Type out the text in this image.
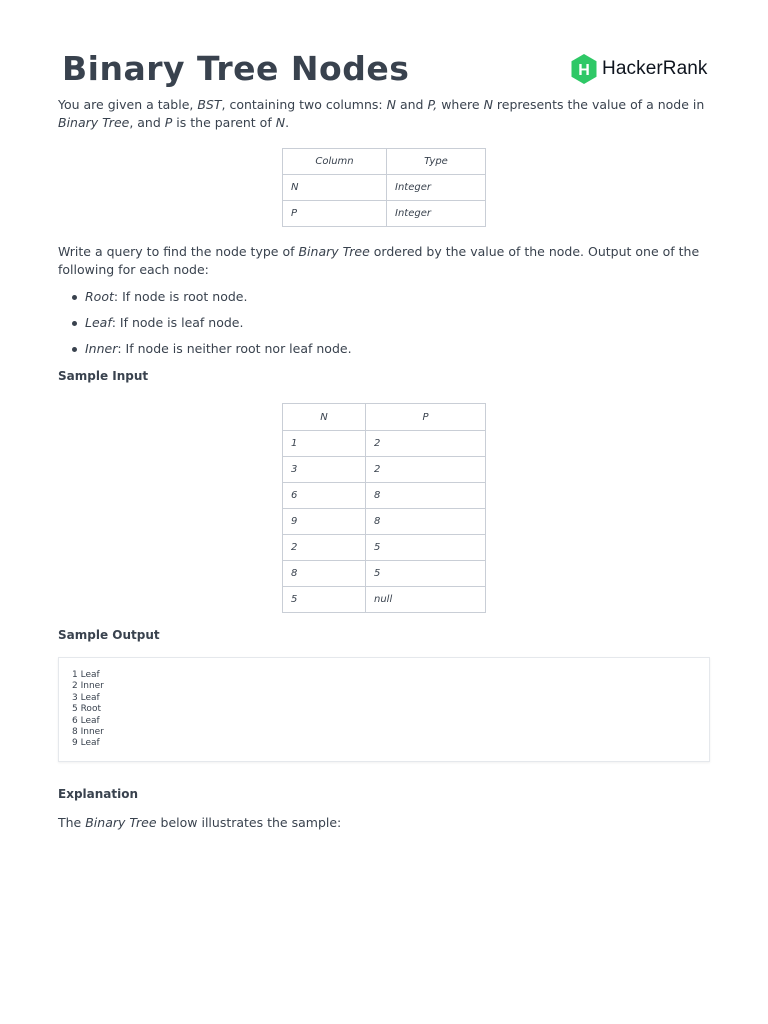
Binary Tree Nodes	H HackerRank

You are given a table, BST, containing two columns: N and P, where N represents the value of a node in Binary Tree, and P is the parent of N.

Column	Type
N	Integer
P	Integer

Write a query to find the node type of Binary Tree ordered by the value of the node. Output one of the following for each node:

Root: If node is root node.
Leaf: If node is leaf node.
Inner: If node is neither root nor leaf node.
Sample Input
N	P
1	2
3	2
6	8
9	8
2	5
8	5
5	null
Sample Output
1 Leaf
2 Inner
3 Leaf
5 Root
6 Leaf
8 Inner
9 Leaf
Explanation

The Binary Tree below illustrates the sample:
